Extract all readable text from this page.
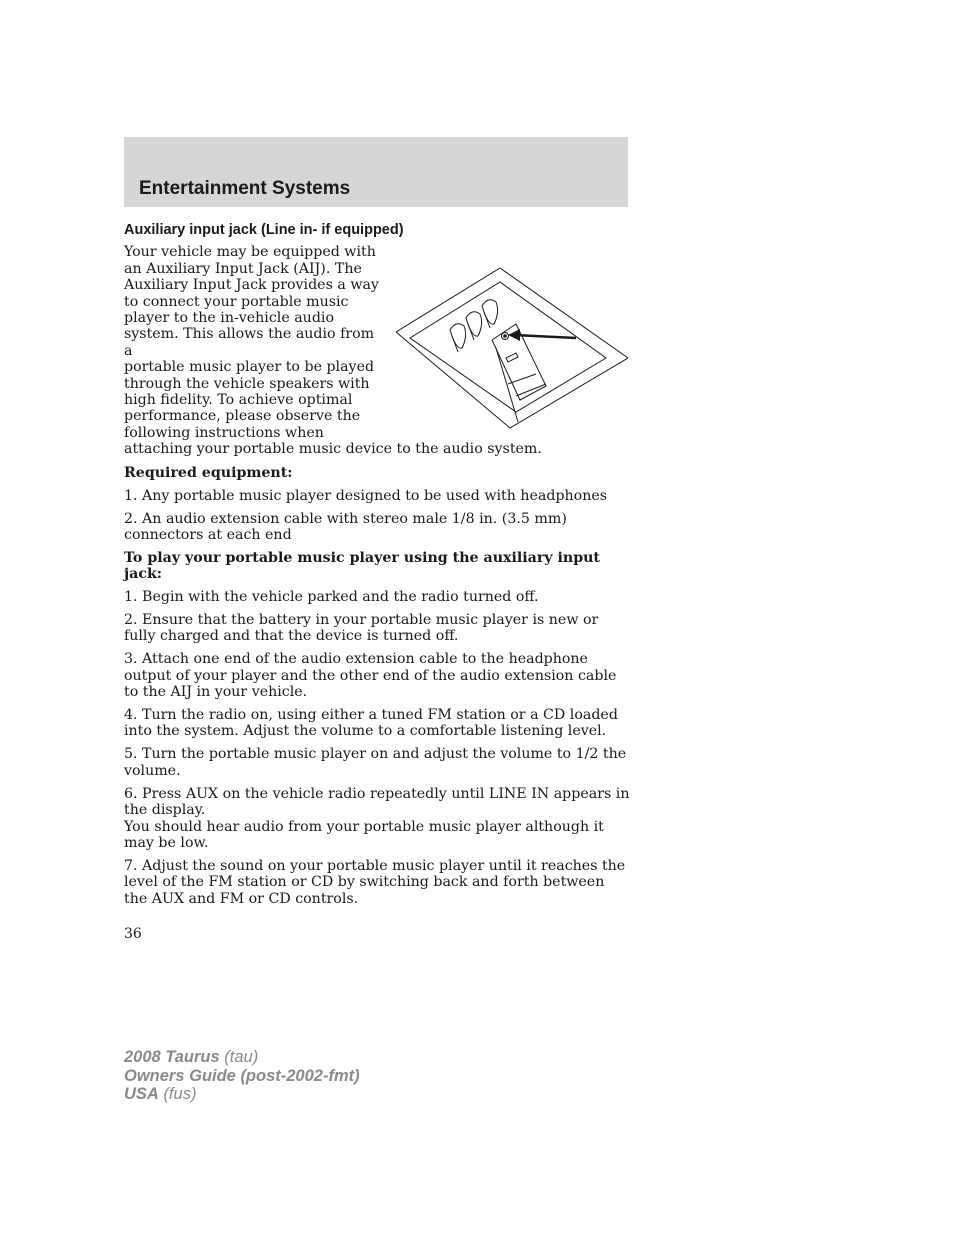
Entertainment Systems
Auxiliary input jack (Line in- if equipped)

Your vehicle may be equipped with
an Auxiliary Input Jack (AIJ). The
Auxiliary Input Jack provides a way
to connect your portable music
player to the in-vehicle audio
system. This allows the audio from a
portable music player to be played
through the vehicle speakers with
high fidelity. To achieve optimal
performance, please observe the
following instructions when
attaching your portable music device to the audio system.

Required equipment:

1. Any portable music player designed to be used with headphones

2. An audio extension cable with stereo male 1/8 in. (3.5 mm) connectors at each end

To play your portable music player using the auxiliary input jack:

1. Begin with the vehicle parked and the radio turned off.

2. Ensure that the battery in your portable music player is new or fully charged and that the device is turned off.

3. Attach one end of the audio extension cable to the headphone output of your player and the other end of the audio extension cable to the AIJ in your vehicle.

4. Turn the radio on, using either a tuned FM station or a CD loaded into the system. Adjust the volume to a comfortable listening level.

5. Turn the portable music player on and adjust the volume to 1/2 the volume.

6. Press AUX on the vehicle radio repeatedly until LINE IN appears in the display.

You should hear audio from your portable music player although it may be low.

7. Adjust the sound on your portable music player until it reaches the level of the FM station or CD by switching back and forth between the AUX and FM or CD controls.

36
2008 Taurus (tau)
Owners Guide (post-2002-fmt)
USA (fus)
